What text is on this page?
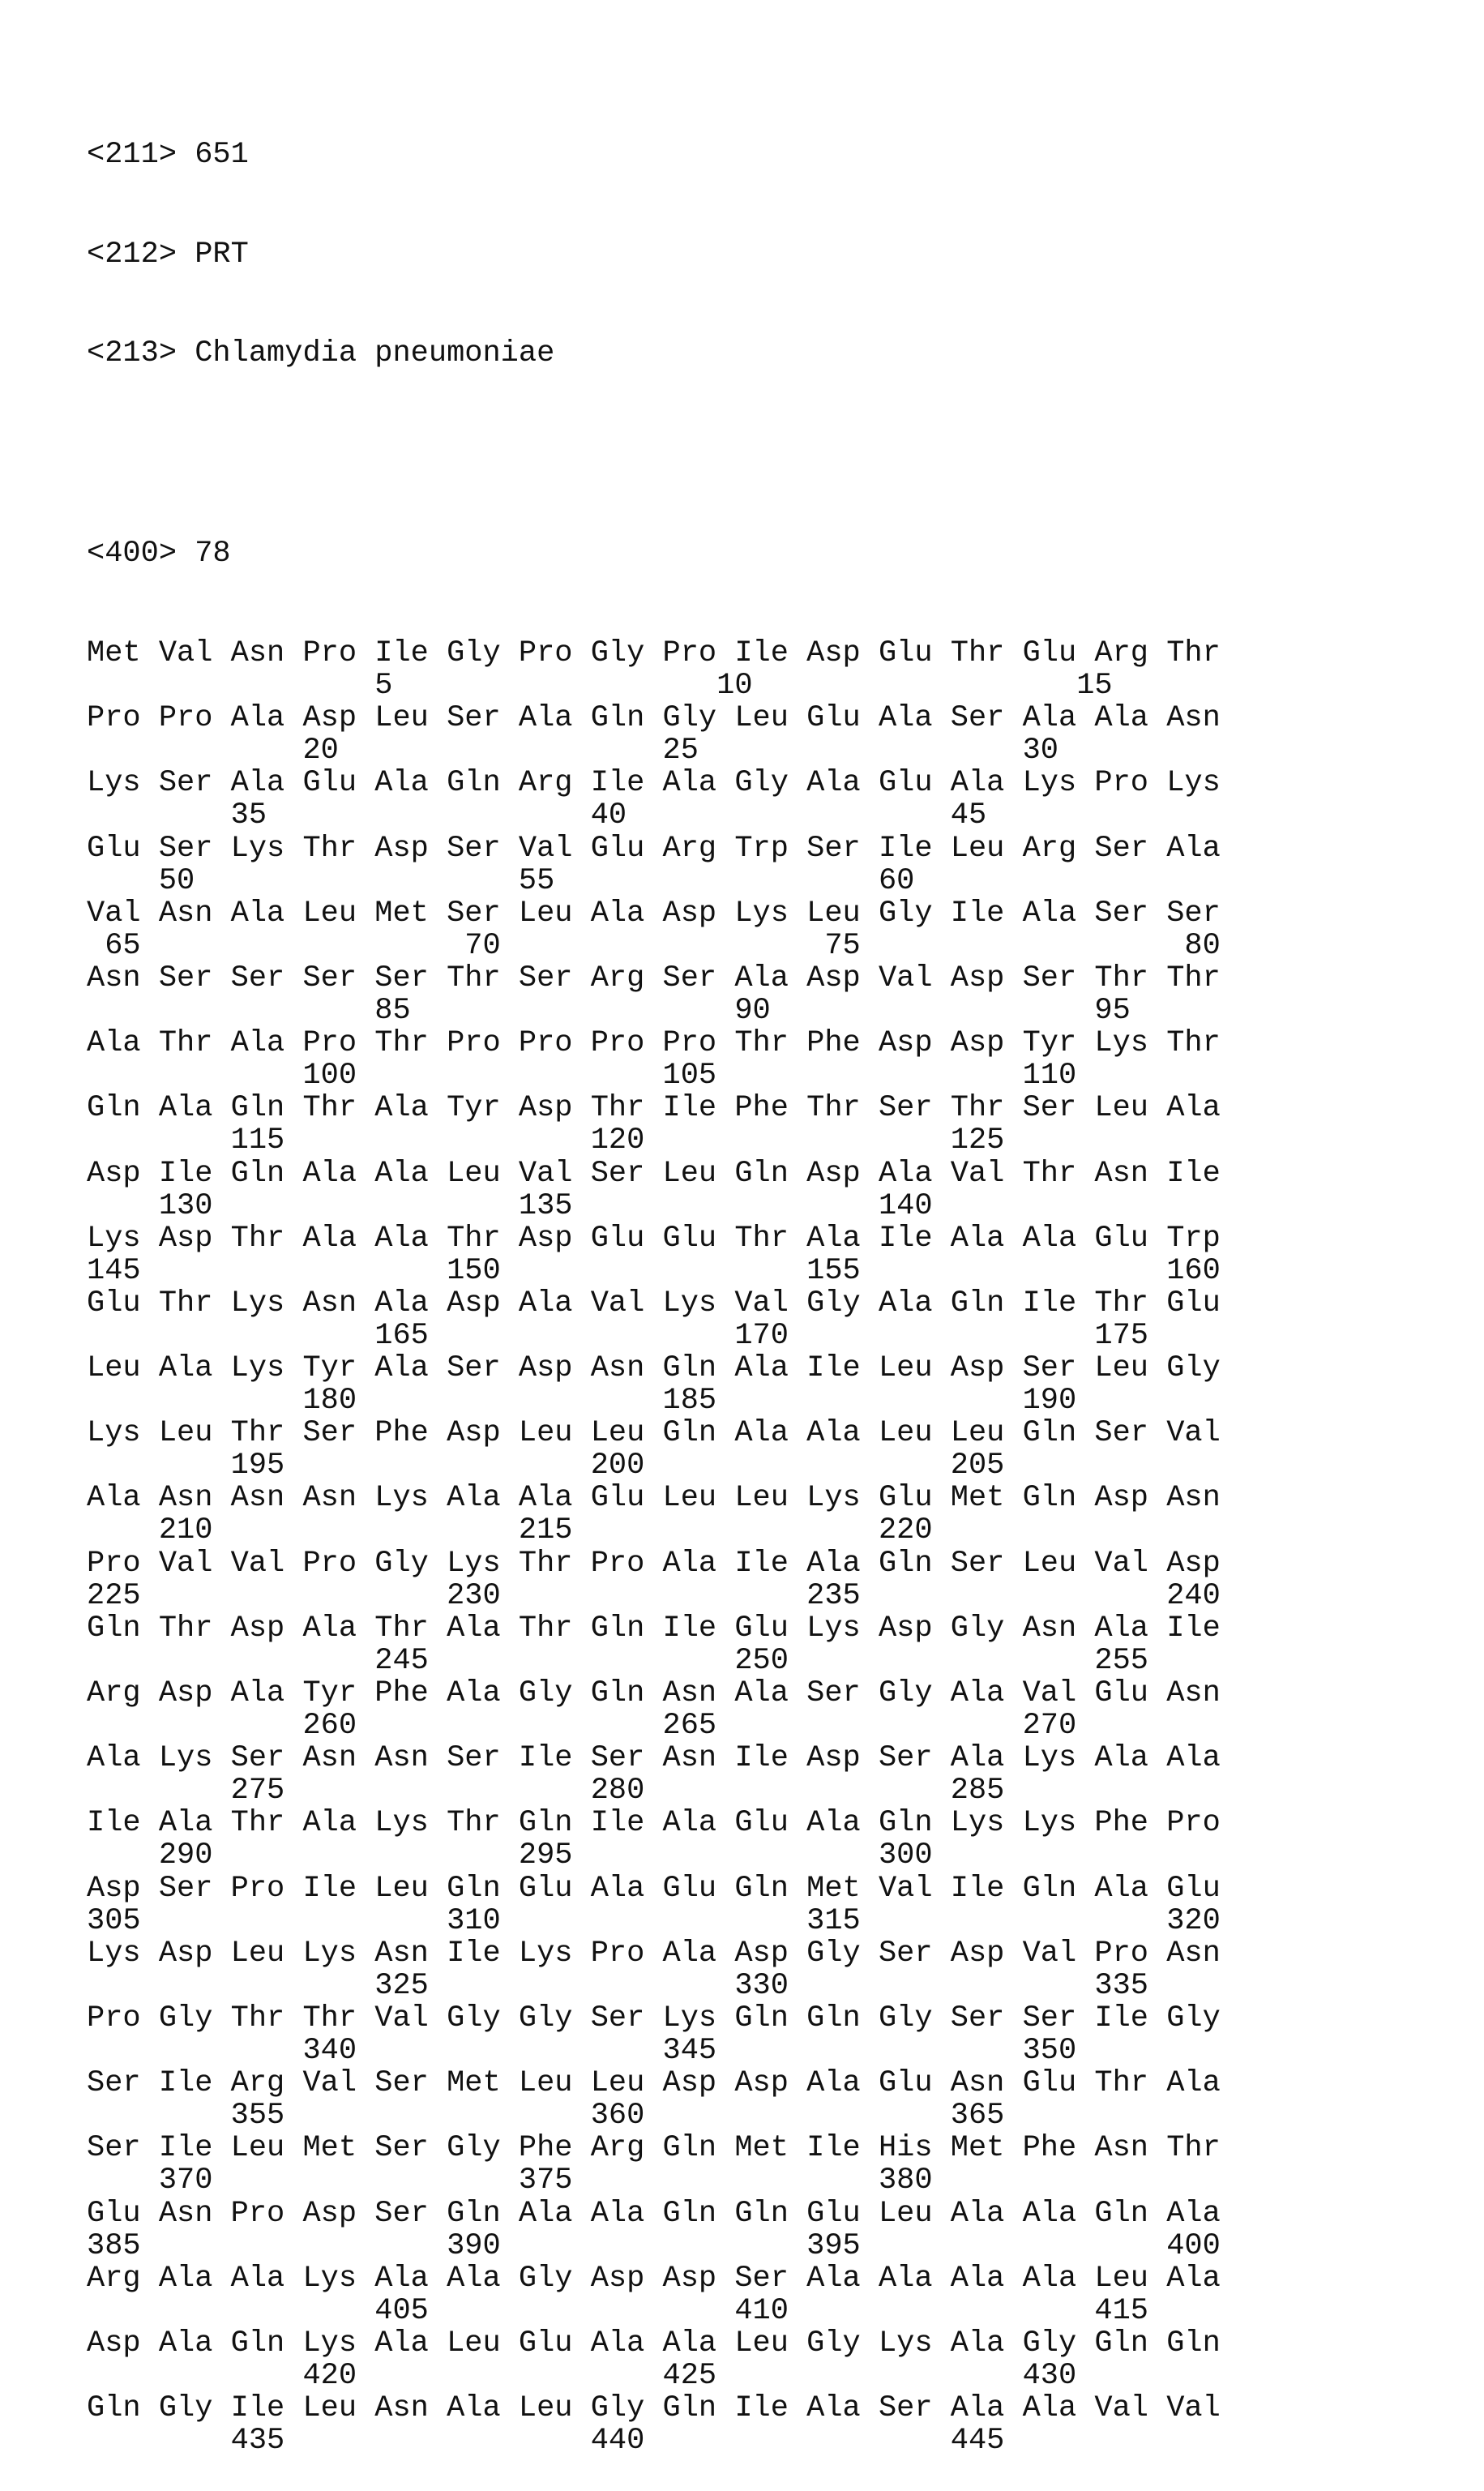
<211> 651

<212> PRT

<213> Chlamydia pneumoniae

<400> 78

Met Val Asn Pro Ile Gly Pro Gly Pro Ile Asp Glu Thr Glu Arg Thr
5                  10                  15
Pro Pro Ala Asp Leu Ser Ala Gln Gly Leu Glu Ala Ser Ala Ala Asn
20                  25                  30
Lys Ser Ala Glu Ala Gln Arg Ile Ala Gly Ala Glu Ala Lys Pro Lys
35                  40                  45
Glu Ser Lys Thr Asp Ser Val Glu Arg Trp Ser Ile Leu Arg Ser Ala
50                  55                  60
Val Asn Ala Leu Met Ser Leu Ala Asp Lys Leu Gly Ile Ala Ser Ser
65                  70                  75                  80
Asn Ser Ser Ser Ser Thr Ser Arg Ser Ala Asp Val Asp Ser Thr Thr
85                  90                  95
Ala Thr Ala Pro Thr Pro Pro Pro Pro Thr Phe Asp Asp Tyr Lys Thr
100                 105                 110
Gln Ala Gln Thr Ala Tyr Asp Thr Ile Phe Thr Ser Thr Ser Leu Ala
115                 120                 125
Asp Ile Gln Ala Ala Leu Val Ser Leu Gln Asp Ala Val Thr Asn Ile
130                 135                 140
Lys Asp Thr Ala Ala Thr Asp Glu Glu Thr Ala Ile Ala Ala Glu Trp
145                 150                 155                 160
Glu Thr Lys Asn Ala Asp Ala Val Lys Val Gly Ala Gln Ile Thr Glu
165                 170                 175
Leu Ala Lys Tyr Ala Ser Asp Asn Gln Ala Ile Leu Asp Ser Leu Gly
180                 185                 190
Lys Leu Thr Ser Phe Asp Leu Leu Gln Ala Ala Leu Leu Gln Ser Val
195                 200                 205
Ala Asn Asn Asn Lys Ala Ala Glu Leu Leu Lys Glu Met Gln Asp Asn
210                 215                 220
Pro Val Val Pro Gly Lys Thr Pro Ala Ile Ala Gln Ser Leu Val Asp
225                 230                 235                 240
Gln Thr Asp Ala Thr Ala Thr Gln Ile Glu Lys Asp Gly Asn Ala Ile
245                 250                 255
Arg Asp Ala Tyr Phe Ala Gly Gln Asn Ala Ser Gly Ala Val Glu Asn
260                 265                 270
Ala Lys Ser Asn Asn Ser Ile Ser Asn Ile Asp Ser Ala Lys Ala Ala
275                 280                 285
Ile Ala Thr Ala Lys Thr Gln Ile Ala Glu Ala Gln Lys Lys Phe Pro
290                 295                 300
Asp Ser Pro Ile Leu Gln Glu Ala Glu Gln Met Val Ile Gln Ala Glu
305                 310                 315                 320
Lys Asp Leu Lys Asn Ile Lys Pro Ala Asp Gly Ser Asp Val Pro Asn
325                 330                 335
Pro Gly Thr Thr Val Gly Gly Ser Lys Gln Gln Gly Ser Ser Ile Gly
340                 345                 350
Ser Ile Arg Val Ser Met Leu Leu Asp Asp Ala Glu Asn Glu Thr Ala
355                 360                 365
Ser Ile Leu Met Ser Gly Phe Arg Gln Met Ile His Met Phe Asn Thr
370                 375                 380
Glu Asn Pro Asp Ser Gln Ala Ala Gln Gln Glu Leu Ala Ala Gln Ala
385                 390                 395                 400
Arg Ala Ala Lys Ala Ala Gly Asp Asp Ser Ala Ala Ala Ala Leu Ala
405                 410                 415
Asp Ala Gln Lys Ala Leu Glu Ala Ala Leu Gly Lys Ala Gly Gln Gln
420                 425                 430
Gln Gly Ile Leu Asn Ala Leu Gly Gln Ile Ala Ser Ala Ala Val Val
435                 440                 445
